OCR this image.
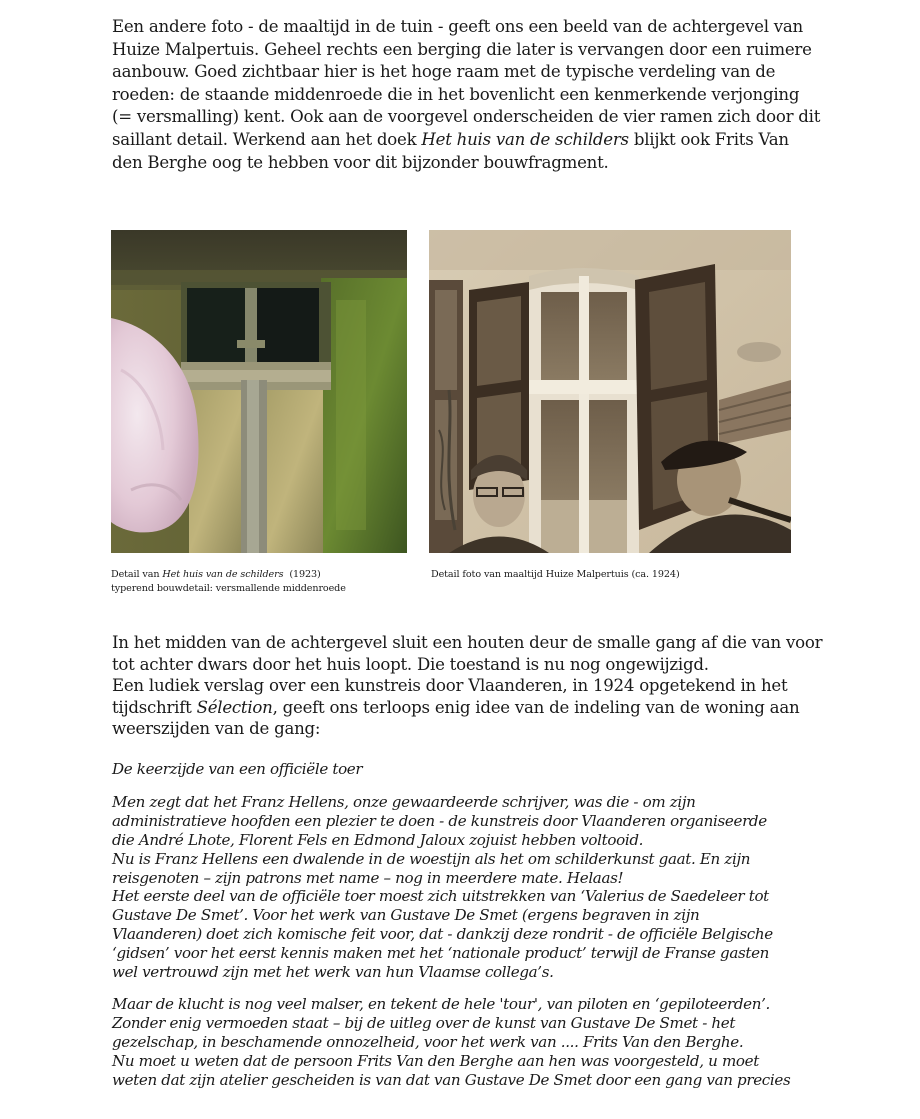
Een andere foto - de maaltijd in de tuin - geeft ons een beeld van de achtergevel van
Huize Malpertuis. Geheel rechts een berging die later is vervangen door een ruimere
aanbouw. Goed zichtbaar hier is het hoge raam met de typische verdeling van de
roeden: de staande middenroede die in het bovenlicht een kenmerkende verjonging
(= versmalling) kent. Ook aan de voorgevel onderscheiden de vier ramen zich door dit
saillant detail. Werkend aan het doek Het huis van de schilders blijkt ook Frits Van
den Berghe oog te hebben voor dit bijzonder bouwfragment.

Detail van Het huis van de schilders  (1923)
typerend bouwdetail: versmallende middenroede

Detail foto van maaltijd Huize Malpertuis (ca. 1924)

In het midden van de achtergevel sluit een houten deur de smalle gang af die van voor
tot achter dwars door het huis loopt. Die toestand is nu nog ongewijzigd.
Een ludiek verslag over een kunstreis door Vlaanderen, in 1924 opgetekend in het
tijdschrift Sélection, geeft ons terloops enig idee van de indeling van de woning aan
weerszijden van de gang:

De keerzijde van een officiële toer

Men zegt dat het Franz Hellens, onze gewaardeerde schrijver, was die - om zijn
administratieve hoofden een plezier te doen - de kunstreis door Vlaanderen organiseerde
die André Lhote, Florent Fels en Edmond Jaloux zojuist hebben voltooid.
Nu is Franz Hellens een dwalende in de woestijn als het om schilderkunst gaat. En zijn
reisgenoten – zijn patrons met name – nog in meerdere mate. Helaas!
Het eerste deel van de officiële toer moest zich uitstrekken van ‘Valerius de Saedeleer tot
Gustave De Smet’. Voor het werk van Gustave De Smet (ergens begraven in zijn
Vlaanderen) doet zich komische feit voor, dat - dankzij deze rondrit - de officiële Belgische
‘gidsen’ voor het eerst kennis maken met het ‘nationale product’ terwijl de Franse gasten
wel vertrouwd zijn met het werk van hun Vlaamse collega’s.

Maar de klucht is nog veel malser, en tekent de hele 'tour', van piloten en ‘gepiloteerden’.
Zonder enig vermoeden staat – bij de uitleg over de kunst van Gustave De Smet - het
gezelschap, in beschamende onnozelheid, voor het werk van .... Frits Van den Berghe.
Nu moet u weten dat de persoon Frits Van den Berghe aan hen was voorgesteld, u moet
weten dat zijn atelier gescheiden is van dat van Gustave De Smet door een gang van precies
